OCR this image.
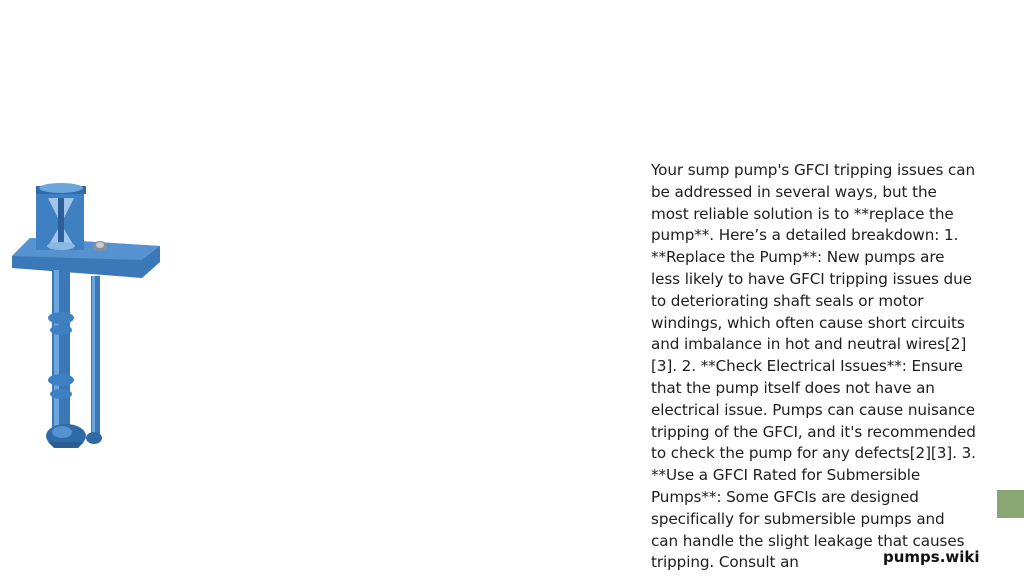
Your sump pump's GFCI tripping issues can be addressed in several ways, but the most reliable solution is to **replace the pump**. Here’s a detailed breakdown: 1. **Replace the Pump**: New pumps are less likely to have GFCI tripping issues due to deteriorating shaft seals or motor windings, which often cause short circuits and imbalance in hot and neutral wires[2][3]. 2. **Check Electrical Issues**: Ensure that the pump itself does not have an electrical issue. Pumps can cause nuisance tripping of the GFCI, and it's recommended to check the pump for any defects[2][3]. 3. **Use a GFCI Rated for Submersible Pumps**: Some GFCIs are designed specifically for submersible pumps and can handle the slight leakage that causes tripping. Consult an	pumps.wiki
